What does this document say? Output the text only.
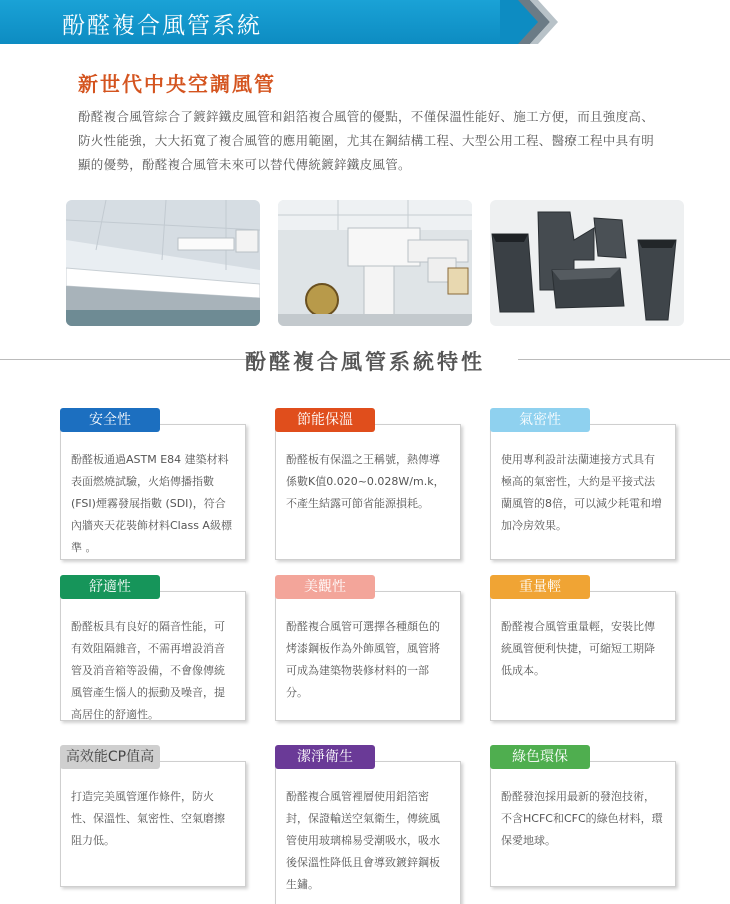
酚醛複合風管系統
新世代中央空調風管
酚醛複合風管綜合了鍍鋅鐵皮風管和鋁箔複合風管的優點，不僅保溫性能好、施工方便，而且強度高、防火性能強，大大拓寬了複合風管的應用範圍，尤其在鋼結構工程、大型公用工程、醫療工程中具有明顯的優勢，酚醛複合風管未來可以替代傳統鍍鋅鐵皮風管。
酚醛複合風管系統特性
安全性
酚醛板通過ASTM E84 建築材料表面燃燒試驗，火焰傳播指數(FSI)煙霧發展指數 (SDI)，符合內牆夾天花裝飾材料Class A級標準 。
節能保溫
酚醛板有保溫之王稱號，熱傳導係數K值0.020~0.028W/m.k，不產生結露可節省能源損耗。
氣密性
使用專利設計法蘭連接方式具有極高的氣密性，大約是平接式法蘭風管的8倍，可以減少耗電和增加冷房效果。
舒適性
酚醛板具有良好的隔音性能，可有效阻隔雜音，不需再增設消音管及消音箱等設備，不會像傳統風管產生惱人的振動及噪音，提高居住的舒適性。
美觀性
酚醛複合風管可選擇各種顏色的烤漆鋼板作為外飾風管，風管將可成為建築物裝修材料的一部分。
重量輕
酚醛複合風管重量輕，安裝比傳統風管便利快捷，可縮短工期降低成本。
高效能CP值高
打造完美風管運作條件，防火性、保溫性、氣密性、空氣磨擦阻力低。
潔淨衛生
酚醛複合風管裡層使用鋁箔密封，保證輸送空氣衛生，傳統風管使用玻璃棉易受潮吸水，吸水後保溫性降低且會導致鍍鋅鋼板生鏽。
綠色環保
酚醛發泡採用最新的發泡技術，不含HCFC和CFC的綠色材料，環保愛地球。
